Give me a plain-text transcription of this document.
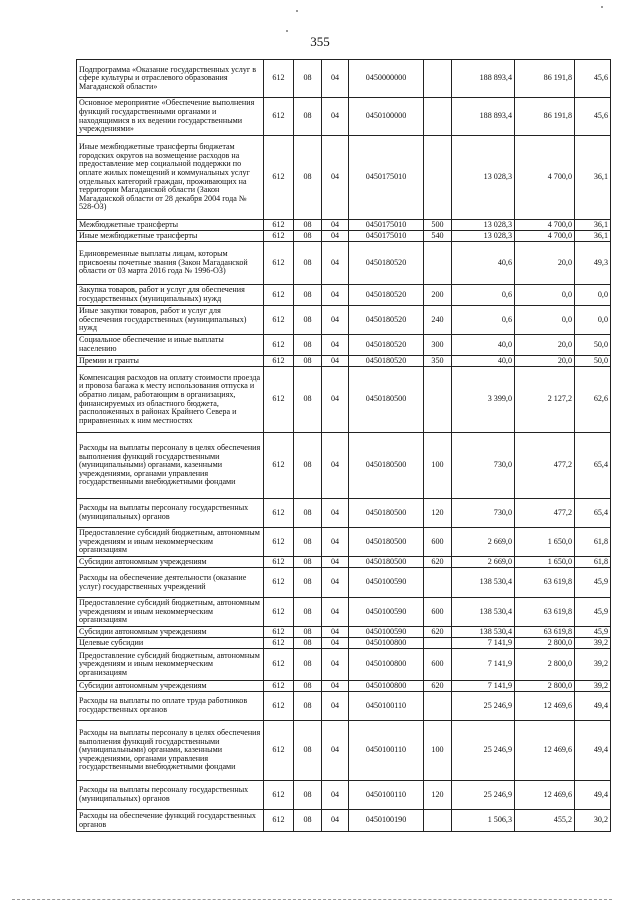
355
Подпрограмма «Оказание государственных услуг в сфере культуры и отраслевого образования Магаданской области»	612	08	04	0450000000		188 893,4	86 191,8	45,6
Основное мероприятие «Обеспечение выполнения функций государственными органами и находящимися в их ведении государственными учреждениями»	612	08	04	0450100000		188 893,4	86 191,8	45,6
Иные межбюджетные трансферты бюджетам городских округов на возмещение расходов на предоставление мер социальной поддержки по оплате жилых помещений и коммунальных услуг отдельных категорий граждан, проживающих на территории Магаданской области (Закон Магаданской области от 28 декабря 2004 года № 528-ОЗ)	612	08	04	0450175010		13 028,3	4 700,0	36,1
Межбюджетные трансферты	612	08	04	0450175010	500	13 028,3	4 700,0	36,1
Иные межбюджетные трансферты	612	08	04	0450175010	540	13 028,3	4 700,0	36,1
Единовременные выплаты лицам, которым присвоены почетные звания (Закон Магаданской области от 03 марта 2016 года № 1996-ОЗ)	612	08	04	0450180520		40,6	20,0	49,3
Закупка товаров, работ и услуг для обеспечения государственных (муниципальных) нужд	612	08	04	0450180520	200	0,6	0,0	0,0
Иные закупки товаров, работ и услуг для обеспечения государственных (муниципальных) нужд	612	08	04	0450180520	240	0,6	0,0	0,0
Социальное обеспечение и иные выплаты населению	612	08	04	0450180520	300	40,0	20,0	50,0
Премии и гранты	612	08	04	0450180520	350	40,0	20,0	50,0
Компенсация расходов на оплату стоимости проезда и провоза багажа к месту использования отпуска и обратно лицам, работающим в организациях, финансируемых из областного бюджета, расположенных в районах Крайнего Севера и приравненных к ним местностях	612	08	04	0450180500		3 399,0	2 127,2	62,6
Расходы на выплаты персоналу в целях обеспечения выполнения функций государственными (муниципальными) органами, казенными учреждениями, органами управления государственными внебюджетными фондами	612	08	04	0450180500	100	730,0	477,2	65,4
Расходы на выплаты персоналу государственных (муниципальных) органов	612	08	04	0450180500	120	730,0	477,2	65,4
Предоставление субсидий бюджетным, автономным учреждениям и иным некоммерческим организациям	612	08	04	0450180500	600	2 669,0	1 650,0	61,8
Субсидии автономным учреждениям	612	08	04	0450180500	620	2 669,0	1 650,0	61,8
Расходы на обеспечение деятельности (оказание услуг) государственных учреждений	612	08	04	0450100590		138 530,4	63 619,8	45,9
Предоставление субсидий бюджетным, автономным учреждениям и иным некоммерческим организациям	612	08	04	0450100590	600	138 530,4	63 619,8	45,9
Субсидии автономным учреждениям	612	08	04	0450100590	620	138 530,4	63 619,8	45,9
Целевые субсидии	612	08	04	0450100800		7 141,9	2 800,0	39,2
Предоставление субсидий бюджетным, автономным учреждениям и иным некоммерческим организациям	612	08	04	0450100800	600	7 141,9	2 800,0	39,2
Субсидии автономным учреждениям	612	08	04	0450100800	620	7 141,9	2 800,0	39,2
Расходы на выплаты по оплате труда работников государственных органов	612	08	04	0450100110		25 246,9	12 469,6	49,4
Расходы на выплаты персоналу в целях обеспечения выполнения функций государственными (муниципальными) органами, казенными учреждениями, органами управления государственными внебюджетными фондами	612	08	04	0450100110	100	25 246,9	12 469,6	49,4
Расходы на выплаты персоналу государственных (муниципальных) органов	612	08	04	0450100110	120	25 246,9	12 469,6	49,4
Расходы на обеспечение функций государственных органов	612	08	04	0450100190		1 506,3	455,2	30,2
